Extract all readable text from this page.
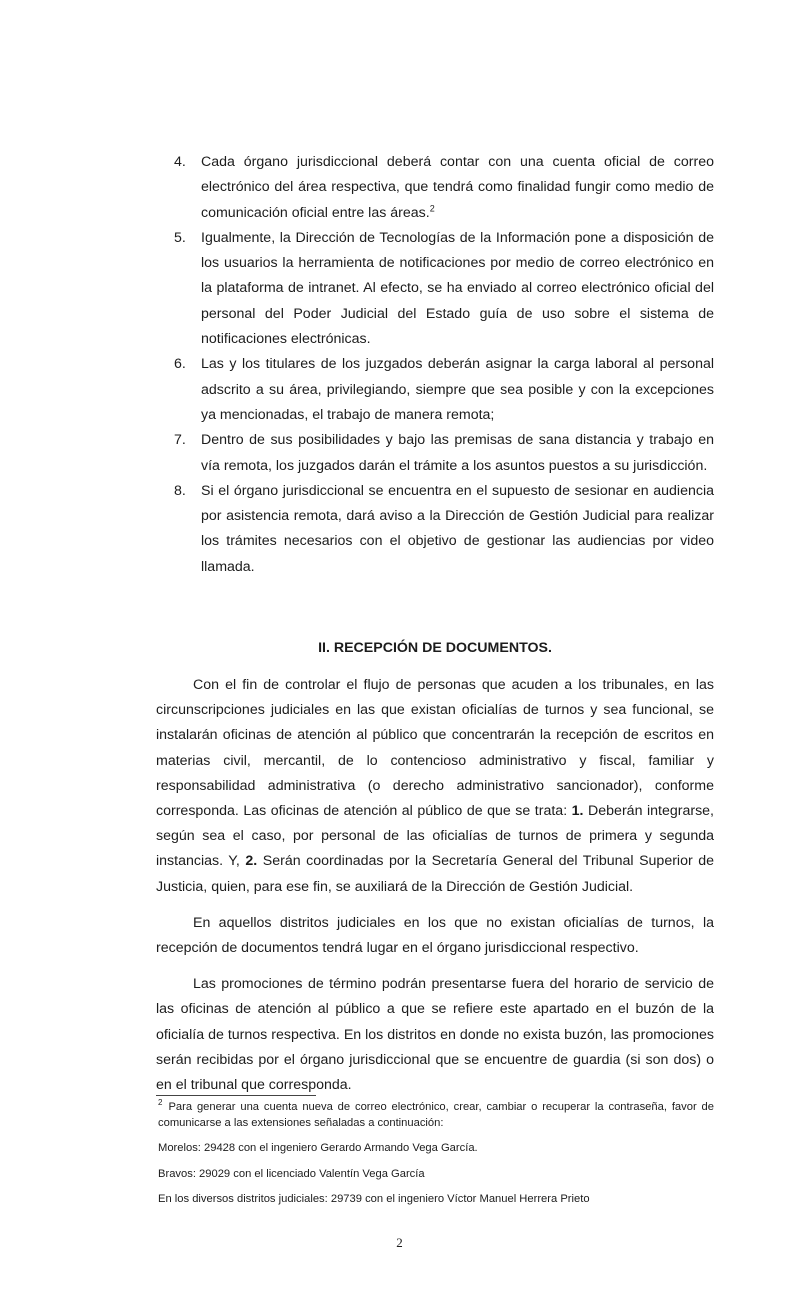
4. Cada órgano jurisdiccional deberá contar con una cuenta oficial de correo electrónico del área respectiva, que tendrá como finalidad fungir como medio de comunicación oficial entre las áreas.$^2$

5. Igualmente, la Dirección de Tecnologías de la Información pone a disposición de los usuarios la herramienta de notificaciones por medio de correo electrónico en la plataforma de intranet. Al efecto, se ha enviado al correo electrónico oficial del personal del Poder Judicial del Estado guía de uso sobre el sistema de notificaciones electrónicas.

6. Las y los titulares de los juzgados deberán asignar la carga laboral al personal adscrito a su área, privilegiando, siempre que sea posible y con la excepciones ya mencionadas, el trabajo de manera remota;

7. Dentro de sus posibilidades y bajo las premisas de sana distancia y trabajo en vía remota, los juzgados darán el trámite a los asuntos puestos a su jurisdicción.

8. Si el órgano jurisdiccional se encuentra en el supuesto de sesionar en audiencia por asistencia remota, dará aviso a la Dirección de Gestión Judicial para realizar los trámites necesarios con el objetivo de gestionar las audiencias por video llamada.

II. RECEPCIÓN DE DOCUMENTOS.

Con el fin de controlar el flujo de personas que acuden a los tribunales, en las circunscripciones judiciales en las que existan oficialías de turnos y sea funcional, se instalarán oficinas de atención al público que concentrarán la recepción de escritos en materias civil, mercantil, de lo contencioso administrativo y fiscal, familiar y responsabilidad administrativa (o derecho administrativo sancionador), conforme corresponda. Las oficinas de atención al público de que se trata: 1. Deberán integrarse, según sea el caso, por personal de las oficialías de turnos de primera y segunda instancias. Y, 2. Serán coordinadas por la Secretaría General del Tribunal Superior de Justicia, quien, para ese fin, se auxiliará de la Dirección de Gestión Judicial.

En aquellos distritos judiciales en los que no existan oficialías de turnos, la recepción de documentos tendrá lugar en el órgano jurisdiccional respectivo.

Las promociones de término podrán presentarse fuera del horario de servicio de las oficinas de atención al público a que se refiere este apartado en el buzón de la oficialía de turnos respectiva. En los distritos en donde no exista buzón, las promociones serán recibidas por el órgano jurisdiccional que se encuentre de guardia (si son dos) o en el tribunal que corresponda.

$^2$ Para generar una cuenta nueva de correo electrónico, crear, cambiar o recuperar la contraseña, favor de comunicarse a las extensiones señaladas a continuación:

Morelos: 29428 con el ingeniero Gerardo Armando Vega García.

Bravos: 29029 con el licenciado Valentín Vega García

En los diversos distritos judiciales: 29739 con el ingeniero Víctor Manuel Herrera Prieto

2
